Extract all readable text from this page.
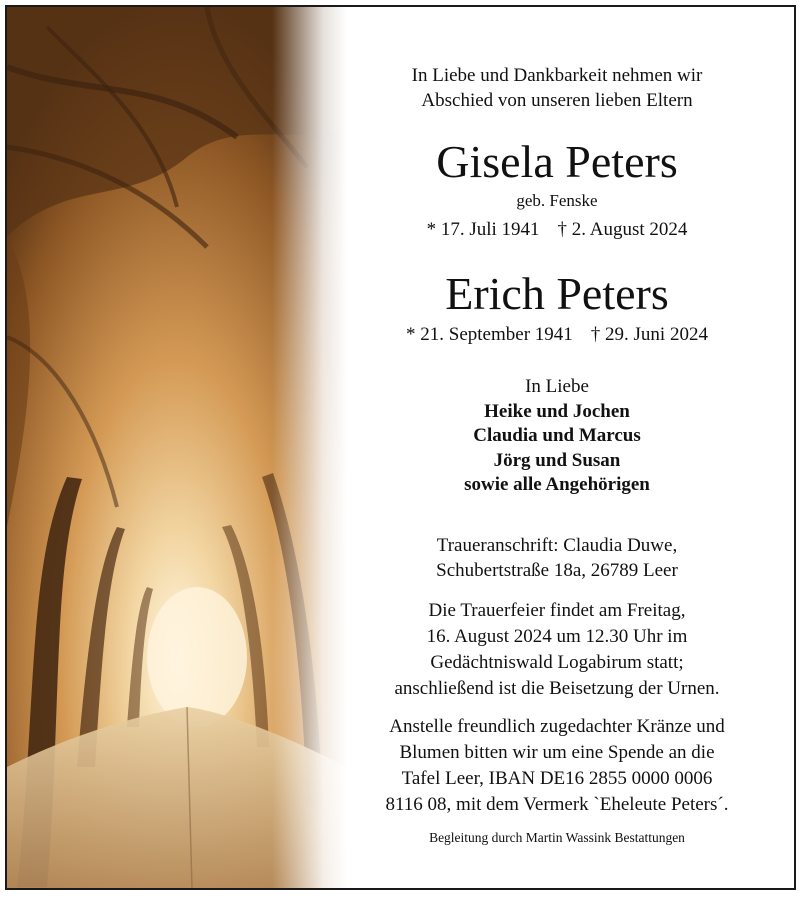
In Liebe und Dankbarkeit nehmen wir
Abschied von unseren lieben Eltern
Gisela Peters
geb. Fenske
* 17. Juli 1941 † 2. August 2024
Erich Peters
* 21. September 1941 † 29. Juni 2024
In Liebe
Heike und Jochen
Claudia und Marcus
Jörg und Susan
sowie alle Angehörigen
Traueranschrift: Claudia Duwe,
Schubertstraße 18a, 26789 Leer
Die Trauerfeier findet am Freitag,
16. August 2024 um 12.30 Uhr im
Gedächtniswald Logabirum statt;
anschließend ist die Beisetzung der Urnen.
Anstelle freundlich zugedachter Kränze und
Blumen bitten wir um eine Spende an die
Tafel Leer, IBAN DE16 2855 0000 0006
8116 08, mit dem Vermerk `Eheleute Peters´.
Begleitung durch Martin Wassink Bestattungen
